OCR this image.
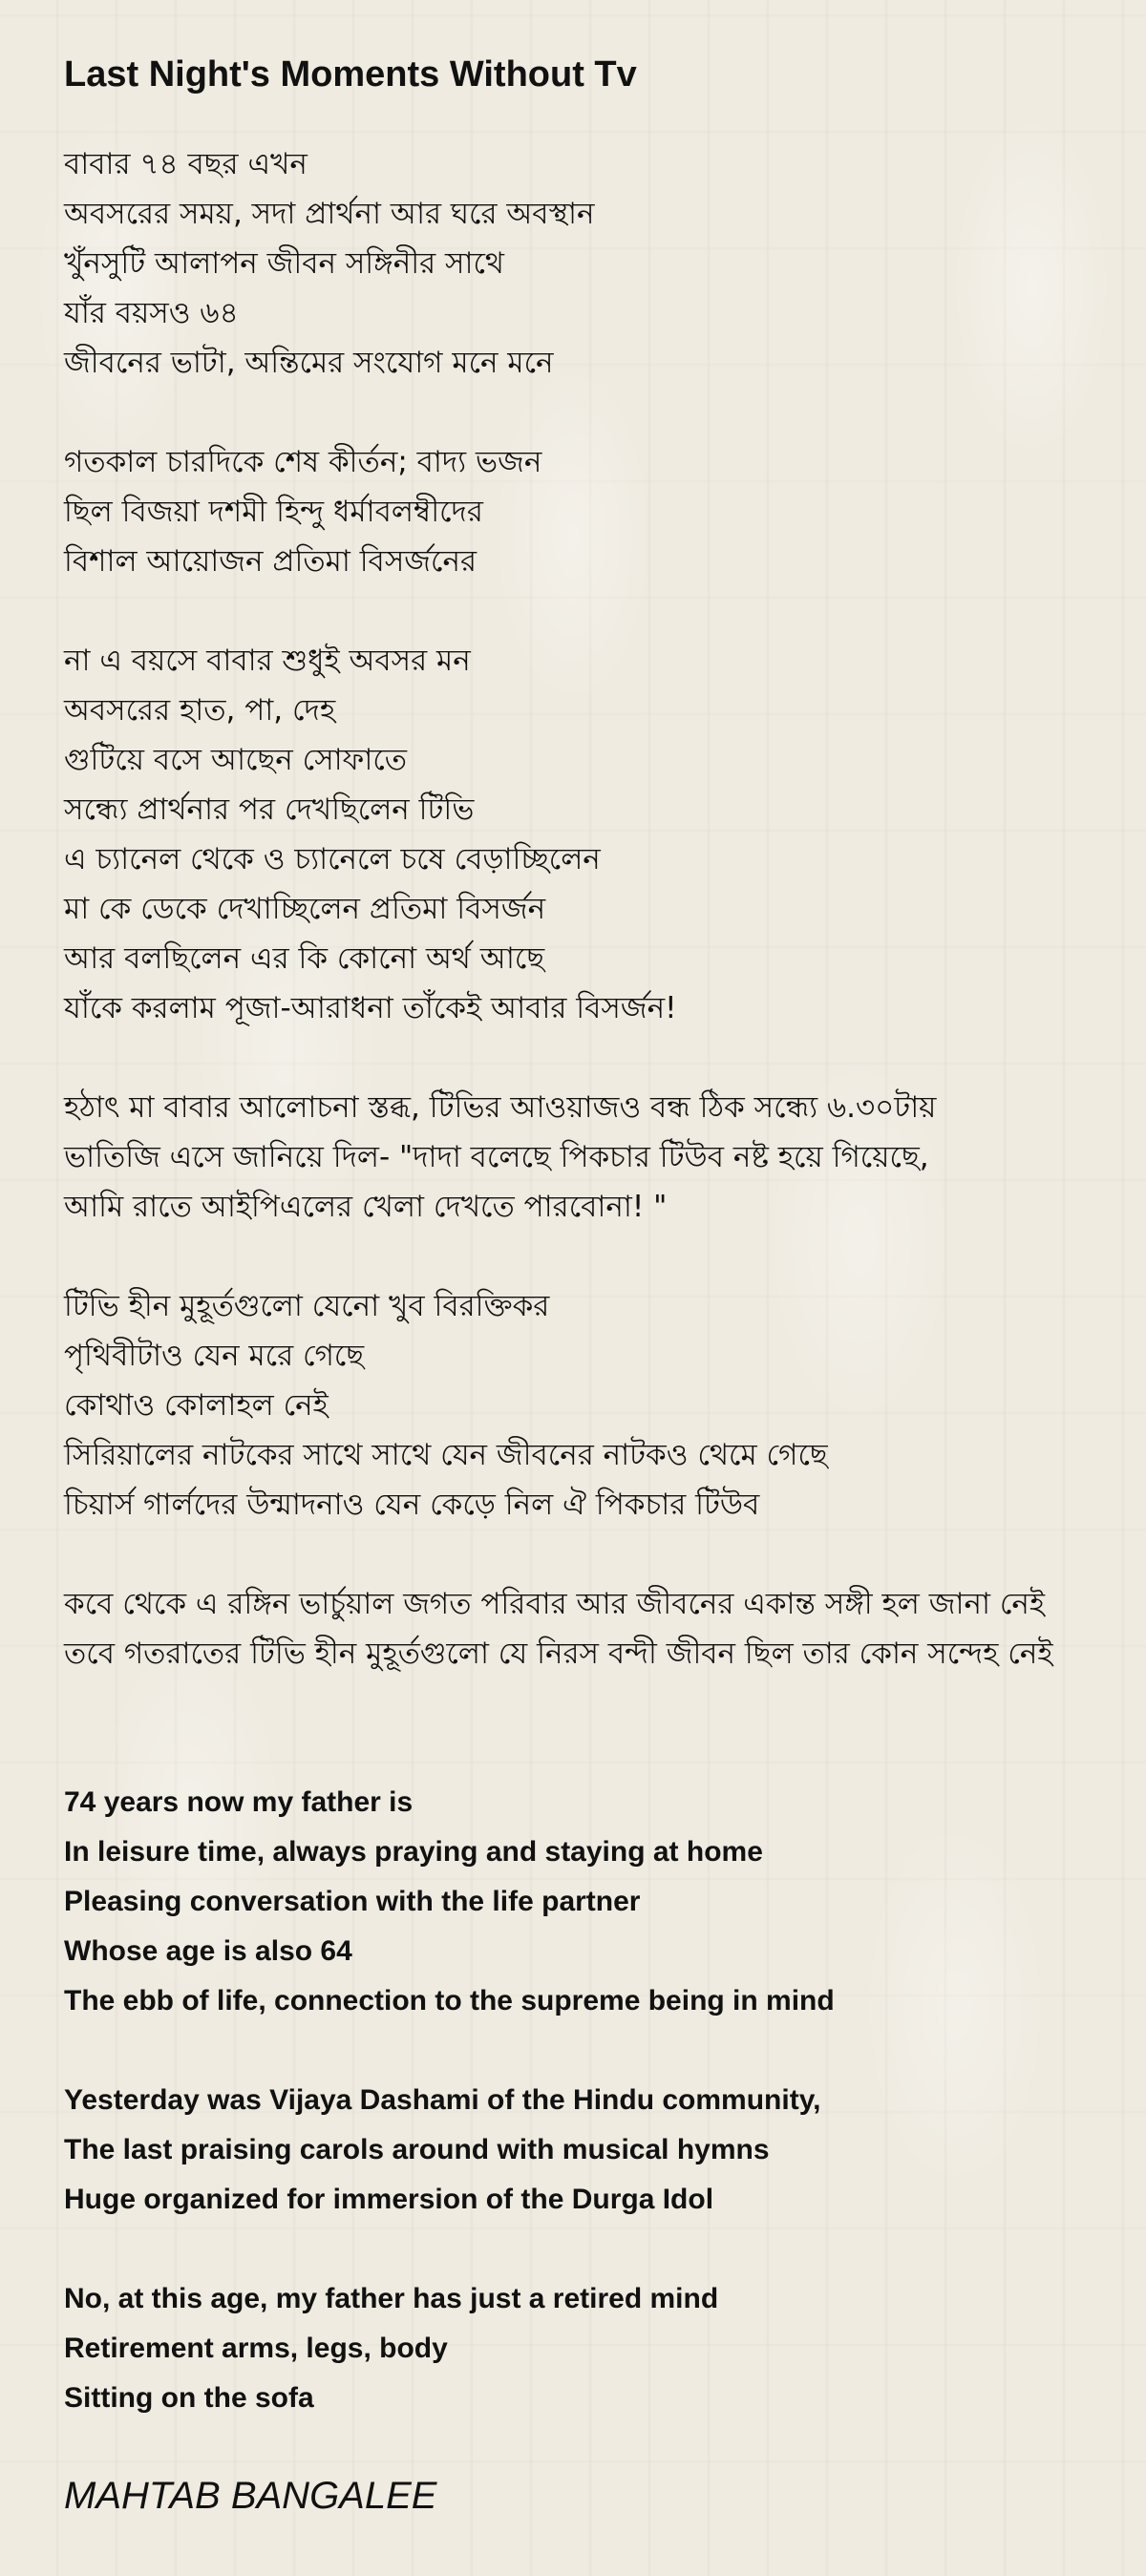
Last Night's Moments Without Tv
বাবার ৭৪ বছর এখন
অবসরের সময়, সদা প্রার্থনা আর ঘরে অবস্থান
খুঁনসুটি আলাপন জীবন সঙ্গিনীর সাথে
যাঁর বয়সও ৬৪
জীবনের ভাটা, অন্তিমের সংযোগ মনে মনে
গতকাল চারদিকে শেষ কীর্তন; বাদ্য ভজন
ছিল বিজয়া দশমী হিন্দু ধর্মাবলম্বীদের
বিশাল আয়োজন প্রতিমা বিসর্জনের
না এ বয়সে বাবার শুধুই অবসর মন
অবসরের হাত, পা, দেহ
গুটিয়ে বসে আছেন সোফাতে
সন্ধ্যে প্রার্থনার পর দেখছিলেন টিভি
এ চ্যানেল থেকে ও চ্যানেলে চষে বেড়াচ্ছিলেন
মা কে ডেকে দেখাচ্ছিলেন প্রতিমা বিসর্জন
আর বলছিলেন এর কি কোনো অর্থ আছে
যাঁকে করলাম পূজা-আরাধনা তাঁকেই আবার বিসর্জন!
হঠাৎ মা বাবার আলোচনা স্তব্ধ, টিভির আওয়াজও বন্ধ ঠিক সন্ধ্যে ৬.৩০টায়
ভাতিজি এসে জানিয়ে দিল- "দাদা বলেছে পিকচার টিউব নষ্ট হয়ে গিয়েছে,
আমি রাতে আইপিএলের খেলা দেখতে পারবোনা! "
টিভি হীন মুহূর্তগুলো যেনো খুব বিরক্তিকর
পৃথিবীটাও যেন মরে গেছে
কোথাও কোলাহল নেই
সিরিয়ালের নাটকের সাথে সাথে যেন জীবনের নাটকও থেমে গেছে
চিয়ার্স গার্লদের উন্মাদনাও যেন কেড়ে নিল ঐ পিকচার টিউব
কবে থেকে এ রঙ্গিন ভার্চুয়াল জগত পরিবার আর জীবনের একান্ত সঙ্গী হল জানা নেই
তবে গতরাতের টিভি হীন মুহূর্তগুলো যে নিরস বন্দী জীবন ছিল তার কোন সন্দেহ নেই
74 years now my father is
In leisure time, always praying and staying at home
Pleasing conversation with the life partner
Whose age is also 64
The ebb of life, connection to the supreme being in mind
Yesterday was Vijaya Dashami of the Hindu community,
The last praising carols around with musical hymns
Huge organized for immersion of the Durga Idol
No, at this age, my father has just a retired mind
Retirement arms, legs, body
Sitting on the sofa
MAHTAB BANGALEE
